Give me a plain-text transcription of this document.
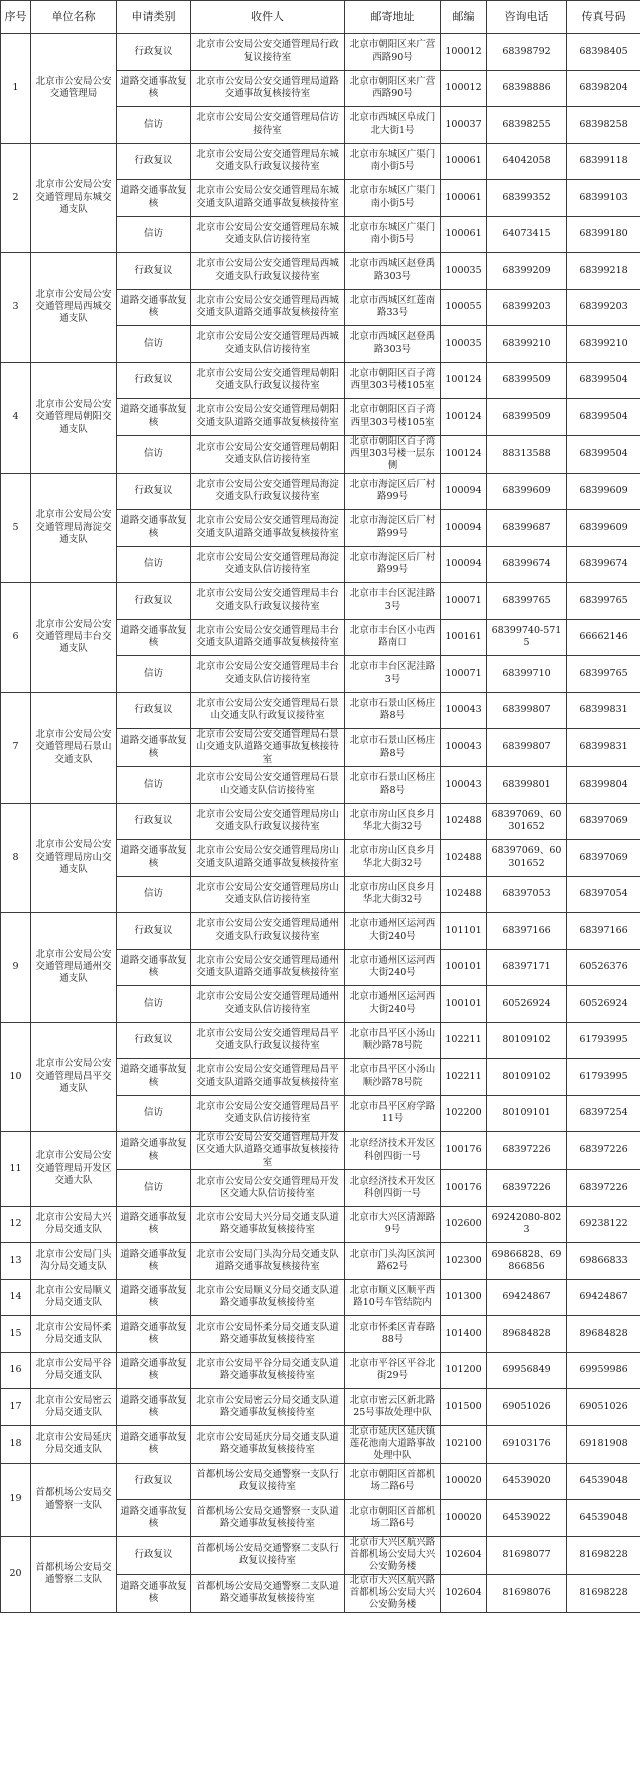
序号	单位名称	申请类别	收件人	邮寄地址	邮编	咨询电话	传真号码
1	北京市公安局公安交通管理局	行政复议	北京市公安局公安交通管理局行政复议接待室	北京市朝阳区来广营西路90号	100012	68398792	68398405
		道路交通事故复核	北京市公安局公安交通管理局道路交通事故复核接待室	北京市朝阳区来广营西路90号	100012	68398886	68398204
		信访	北京市公安局公安交通管理局信访接待室	北京市西城区阜成门北大街1号	100037	68398255	68398258
2	北京市公安局公安交通管理局东城交通支队	行政复议	北京市公安局公安交通管理局东城交通支队行政复议接待室	北京市东城区广渠门南小街5号	100061	64042058	68399118
		道路交通事故复核	北京市公安局公安交通管理局东城交通支队道路交通事故复核接待室	北京市东城区广渠门南小街5号	100061	68399352	68399103
		信访	北京市公安局公安交通管理局东城交通支队信访接待室	北京市东城区广渠门南小街5号	100061	64073415	68399180
3	北京市公安局公安交通管理局西城交通支队	行政复议	北京市公安局公安交通管理局西城交通支队行政复议接待室	北京市西城区赵登禹路303号	100035	68399209	68399218
		道路交通事故复核	北京市公安局公安交通管理局西城交通支队道路交通事故复核接待室	北京市西城区红莲南路33号	100055	68399203	68399203
		信访	北京市公安局公安交通管理局西城交通支队信访接待室	北京市西城区赵登禹路303号	100035	68399210	68399210
4	北京市公安局公安交通管理局朝阳交通支队	行政复议	北京市公安局公安交通管理局朝阳交通支队行政复议接待室	北京市朝阳区百子湾西里303号楼105室	100124	68399509	68399504
		道路交通事故复核	北京市公安局公安交通管理局朝阳交通支队道路交通事故复核接待室	北京市朝阳区百子湾西里303号楼105室	100124	68399509	68399504
		信访	北京市公安局公安交通管理局朝阳交通支队信访接待室	北京市朝阳区百子湾西里303号楼一层东侧	100124	88313588	68399504
5	北京市公安局公安交通管理局海淀交通支队	行政复议	北京市公安局公安交通管理局海淀交通支队行政复议接待室	北京市海淀区后厂村路99号	100094	68399609	68399609
		道路交通事故复核	北京市公安局公安交通管理局海淀交通支队道路交通事故复核接待室	北京市海淀区后厂村路99号	100094	68399687	68399609
		信访	北京市公安局公安交通管理局海淀交通支队信访接待室	北京市海淀区后厂村路99号	100094	68399674	68399674
6	北京市公安局公安交通管理局丰台交通支队	行政复议	北京市公安局公安交通管理局丰台交通支队行政复议接待室	北京市丰台区泥洼路3号	100071	68399765	68399765
		道路交通事故复核	北京市公安局公安交通管理局丰台交通支队道路交通事故复核接待室	北京市丰台区小屯西路南口	100161	68399740-5715	66662146
		信访	北京市公安局公安交通管理局丰台交通支队信访接待室	北京市丰台区泥洼路3号	100071	68399710	68399765
7	北京市公安局公安交通管理局石景山交通支队	行政复议	北京市公安局公安交通管理局石景山交通支队行政复议接待室	北京市石景山区杨庄路8号	100043	68399807	68399831
		道路交通事故复核	北京市公安局公安交通管理局石景山交通支队道路交通事故复核接待室	北京市石景山区杨庄路8号	100043	68399807	68399831
		信访	北京市公安局公安交通管理局石景山交通支队信访接待室	北京市石景山区杨庄路8号	100043	68399801	68399804
8	北京市公安局公安交通管理局房山交通支队	行政复议	北京市公安局公安交通管理局房山交通支队行政复议接待室	北京市房山区良乡月华北大街32号	102488	68397069、60301652	68397069
		道路交通事故复核	北京市公安局公安交通管理局房山交通支队道路交通事故复核接待室	北京市房山区良乡月华北大街32号	102488	68397069、60301652	68397069
		信访	北京市公安局公安交通管理局房山交通支队信访接待室	北京市房山区良乡月华北大街32号	102488	68397053	68397054
9	北京市公安局公安交通管理局通州交通支队	行政复议	北京市公安局公安交通管理局通州交通支队行政复议接待室	北京市通州区运河西大街240号	101101	68397166	68397166
		道路交通事故复核	北京市公安局公安交通管理局通州交通支队道路交通事故复核接待室	北京市通州区运河西大街240号	100101	68397171	60526376
		信访	北京市公安局公安交通管理局通州交通支队信访接待室	北京市通州区运河西大街240号	100101	60526924	60526924
10	北京市公安局公安交通管理局昌平交通支队	行政复议	北京市公安局公安交通管理局昌平交通支队行政复议接待室	北京市昌平区小汤山顺沙路78号院	102211	80109102	61793995
		道路交通事故复核	北京市公安局公安交通管理局昌平交通支队道路交通事故复核接待室	北京市昌平区小汤山顺沙路78号院	102211	80109102	61793995
		信访	北京市公安局公安交通管理局昌平交通支队信访接待室	北京市昌平区府学路11号	102200	80109101	68397254
11	北京市公安局公安交通管理局开发区交通大队	道路交通事故复核	北京市公安局公安交通管理局开发区交通大队道路交通事故复核接待室	北京经济技术开发区科创四街一号	100176	68397226	68397226
		信访	北京市公安局公安交通管理局开发区交通大队信访接待室	北京经济技术开发区科创四街一号	100176	68397226	68397226
12	北京市公安局大兴分局交通支队	道路交通事故复核	北京市公安局大兴分局交通支队道路交通事故复核接待室	北京市大兴区清源路9号	102600	69242080-8023	69238122
13	北京市公安局门头沟分局交通支队	道路交通事故复核	北京市公安局门头沟分局交通支队道路交通事故复核接待室	北京市门头沟区滨河路62号	102300	69866828、69866856	69866833
14	北京市公安局顺义分局交通支队	道路交通事故复核	北京市公安局顺义分局交通支队道路交通事故复核接待室	北京市顺义区顺平西路10号车管结院内	101300	69424867	69424867
15	北京市公安局怀柔分局交通支队	道路交通事故复核	北京市公安局怀柔分局交通支队道路交通事故复核接待室	北京市怀柔区青春路88号	101400	89684828	89684828
16	北京市公安局平谷分局交通支队	道路交通事故复核	北京市公安局平谷分局交通支队道路交通事故复核接待室	北京市平谷区平谷北街29号	101200	69956849	69959986
17	北京市公安局密云分局交通支队	道路交通事故复核	北京市公安局密云分局交通支队道路交通事故复核接待室	北京市密云区新北路25号事故处理中队	101500	69051026	69051026
18	北京市公安局延庆分局交通支队	道路交通事故复核	北京市公安局延庆分局交通支队道路交通事故复核接待室	北京市延庆区延庆镇莲花池南大道路事故处理中队	102100	69103176	69181908
19	首都机场公安局交通警察一支队	行政复议	首都机场公安局交通警察一支队行政复议接待室	北京市朝阳区首都机场二路6号	100020	64539020	64539048
		道路交通事故复核	首都机场公安局交通警察一支队道路交通事故复核接待室	北京市朝阳区首都机场二路6号	100020	64539022	64539048
20	首都机场公安局交通警察二支队	行政复议	首都机场公安局交通警察二支队行政复议接待室	北京市大兴区航兴路首都机场公安局大兴公安勤务楼	102604	81698077	81698228
		道路交通事故复核	首都机场公安局交通警察二支队道路交通事故复核接待室	北京市大兴区航兴路首都机场公安局大兴公安勤务楼	102604	81698076	81698228
